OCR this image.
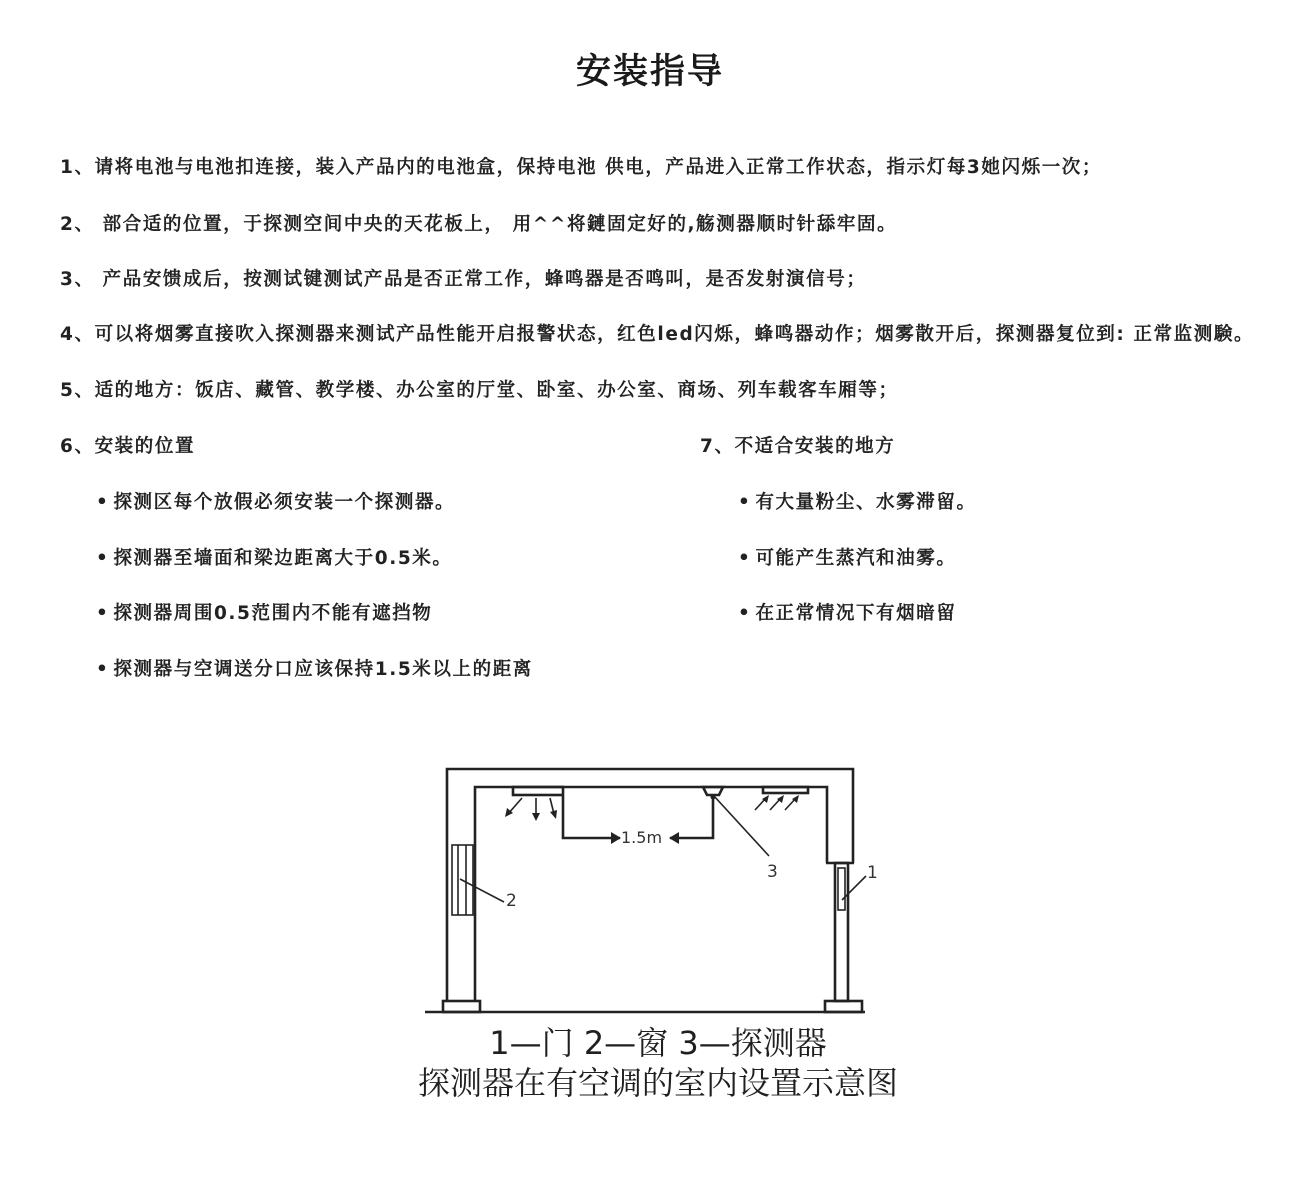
安装指导
1、请将电池与电池扣连接，装入产品内的电池盒，保持电池 供电，产品进入正常工作状态，指示灯每3她闪烁一次；
2、 部合适的位置，于探测空间中央的天花板上， 用^^将鏈固定好的,觞测器顺时针舔牢固。
3、 产品安馈成后，按测试键测试产品是否正常工作，蜂鸣器是否鸣叫，是否发射演信号；
4、可以将烟雾直接吹入探测器来测试产品性能开启报警状态，红色led闪烁，蜂鸣器动作；烟雾散开后，探测器复位到: 正常监测験。
5、适的地方：饭店、藏管、教学楼、办公室的厅堂、卧室、办公室、商场、列车载客车厢等；
6、安装的位置	7、不适合安装的地方
• 探测区每个放假必须安装一个探测器。
• 探测器至墙面和梁边距离大于0.5米。
• 探测器周围0.5范围内不能有遮挡物
• 探测器与空调送分口应该保持1.5米以上的距离
• 有大量粉尘、水雾滞留。
• 可能产生蒸汽和油雾。
• 在正常情况下有烟暗留
1.5m
3
2
1
1—门 2—窗 3—探测器
探测器在有空调的室内设置示意图
